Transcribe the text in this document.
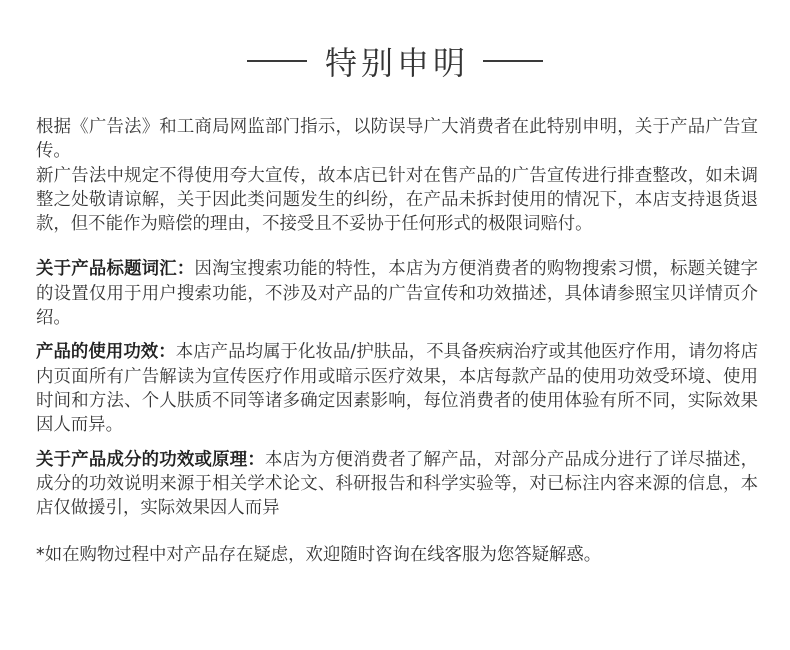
特别申明

根据《广告法》和工商局网监部门指示，以防误导广大消费者在此特别申明，关于产品广告宣传。

新广告法中规定不得使用夸大宣传，故本店已针对在售产品的广告宣传进行排查整改，如未调整之处敬请谅解，关于因此类问题发生的纠纷，在产品未拆封使用的情况下，本店支持退货退款，但不能作为赔偿的理由，不接受且不妥协于任何形式的极限词赔付。

关于产品标题词汇：因淘宝搜索功能的特性，本店为方便消费者的购物搜索习惯，标题关键字的设置仅用于用户搜索功能，不涉及对产品的广告宣传和功效描述，具体请参照宝贝详情页介绍。

产品的使用功效：本店产品均属于化妆品/护肤品，不具备疾病治疗或其他医疗作用，请勿将店内页面所有广告解读为宣传医疗作用或暗示医疗效果，本店每款产品的使用功效受环境、使用时间和方法、个人肤质不同等诸多确定因素影响，每位消费者的使用体验有所不同，实际效果因人而异。

关于产品成分的功效或原理：本店为方便消费者了解产品，对部分产品成分进行了详尽描述，成分的功效说明来源于相关学术论文、科研报告和科学实验等，对已标注内容来源的信息，本店仅做援引，实际效果因人而异

*如在购物过程中对产品存在疑虑，欢迎随时咨询在线客服为您答疑解惑。
